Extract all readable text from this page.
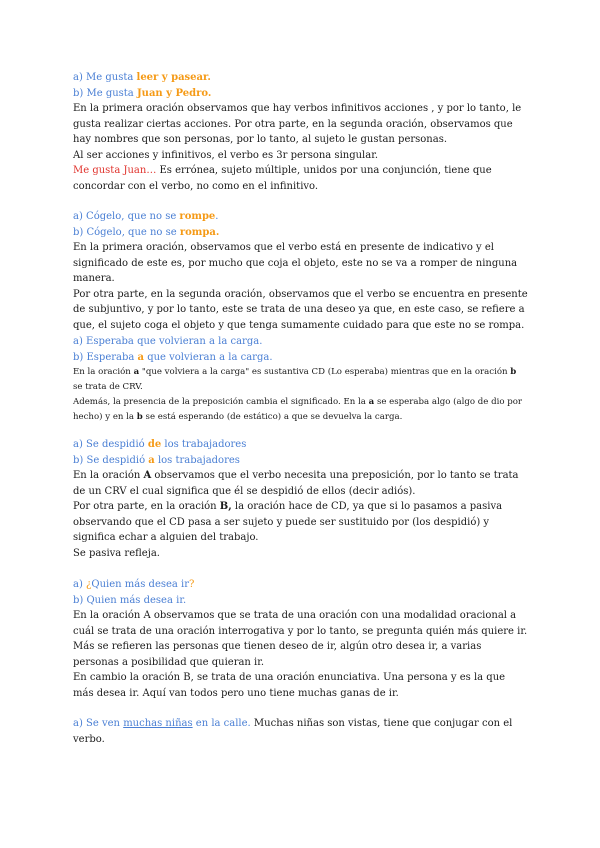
a) Me gusta leer y pasear.

b) Me gusta Juan y Pedro.

En la primera oración observamos que hay verbos infinitivos acciones , y por lo tanto, le gusta realizar ciertas acciones. Por otra parte, en la segunda oración, observamos que hay nombres que son personas, por lo tanto, al sujeto le gustan personas.

Al ser acciones y infinitivos, el verbo es 3r persona singular.

Me gusta Juan… Es errónea, sujeto múltiple, unidos por una conjunción, tiene que concordar con el verbo, no como en el infinitivo.

a) Cógelo, que no se rompe.

b) Cógelo, que no se rompa.

En la primera oración, observamos que el verbo está en presente de indicativo y el significado de este es, por mucho que coja el objeto, este no se va a romper de ninguna manera.

Por otra parte, en la segunda oración, observamos que el verbo se encuentra en presente de subjuntivo, y por lo tanto, este se trata de una deseo ya que, en este caso, se refiere a que, el sujeto coga el objeto y que tenga sumamente cuidado para que este no se rompa.

a) Esperaba que volvieran a la carga.

b) Esperaba a que volvieran a la carga.

En la oración a "que volviera a la carga" es sustantiva CD (Lo esperaba) mientras que en la oración b se trata de CRV.

Además, la presencia de la preposición cambia el significado. En la a se esperaba algo (algo de dio por hecho) y en la b se está esperando (de estático) a que se devuelva la carga.

a) Se despidió de los trabajadores

b) Se despidió a los trabajadores

En la oración A observamos que el verbo necesita una preposición, por lo tanto se trata de un CRV el cual significa que él se despidió de ellos (decir adiós).

Por otra parte, en la oración B, la oración hace de CD, ya que si lo pasamos a pasiva observando que el CD pasa a ser sujeto y puede ser sustituido por (los despidió) y significa echar a alguien del trabajo.

Se pasiva refleja.

a) ¿Quien más desea ir?

b) Quien más desea ir.

En la oración A observamos que se trata de una oración con una modalidad oracional a cuál se trata de una oración interrogativa y por lo tanto, se pregunta quién más quiere ir.

Más se refieren las personas que tienen deseo de ir, algún otro desea ir, a varias personas a posibilidad que quieran ir.

En cambio la oración B, se trata de una oración enunciativa. Una persona y es la que más desea ir. Aquí van todos pero uno tiene muchas ganas de ir.

a) Se ven muchas niñas en la calle. Muchas niñas son vistas, tiene que conjugar con el verbo.
